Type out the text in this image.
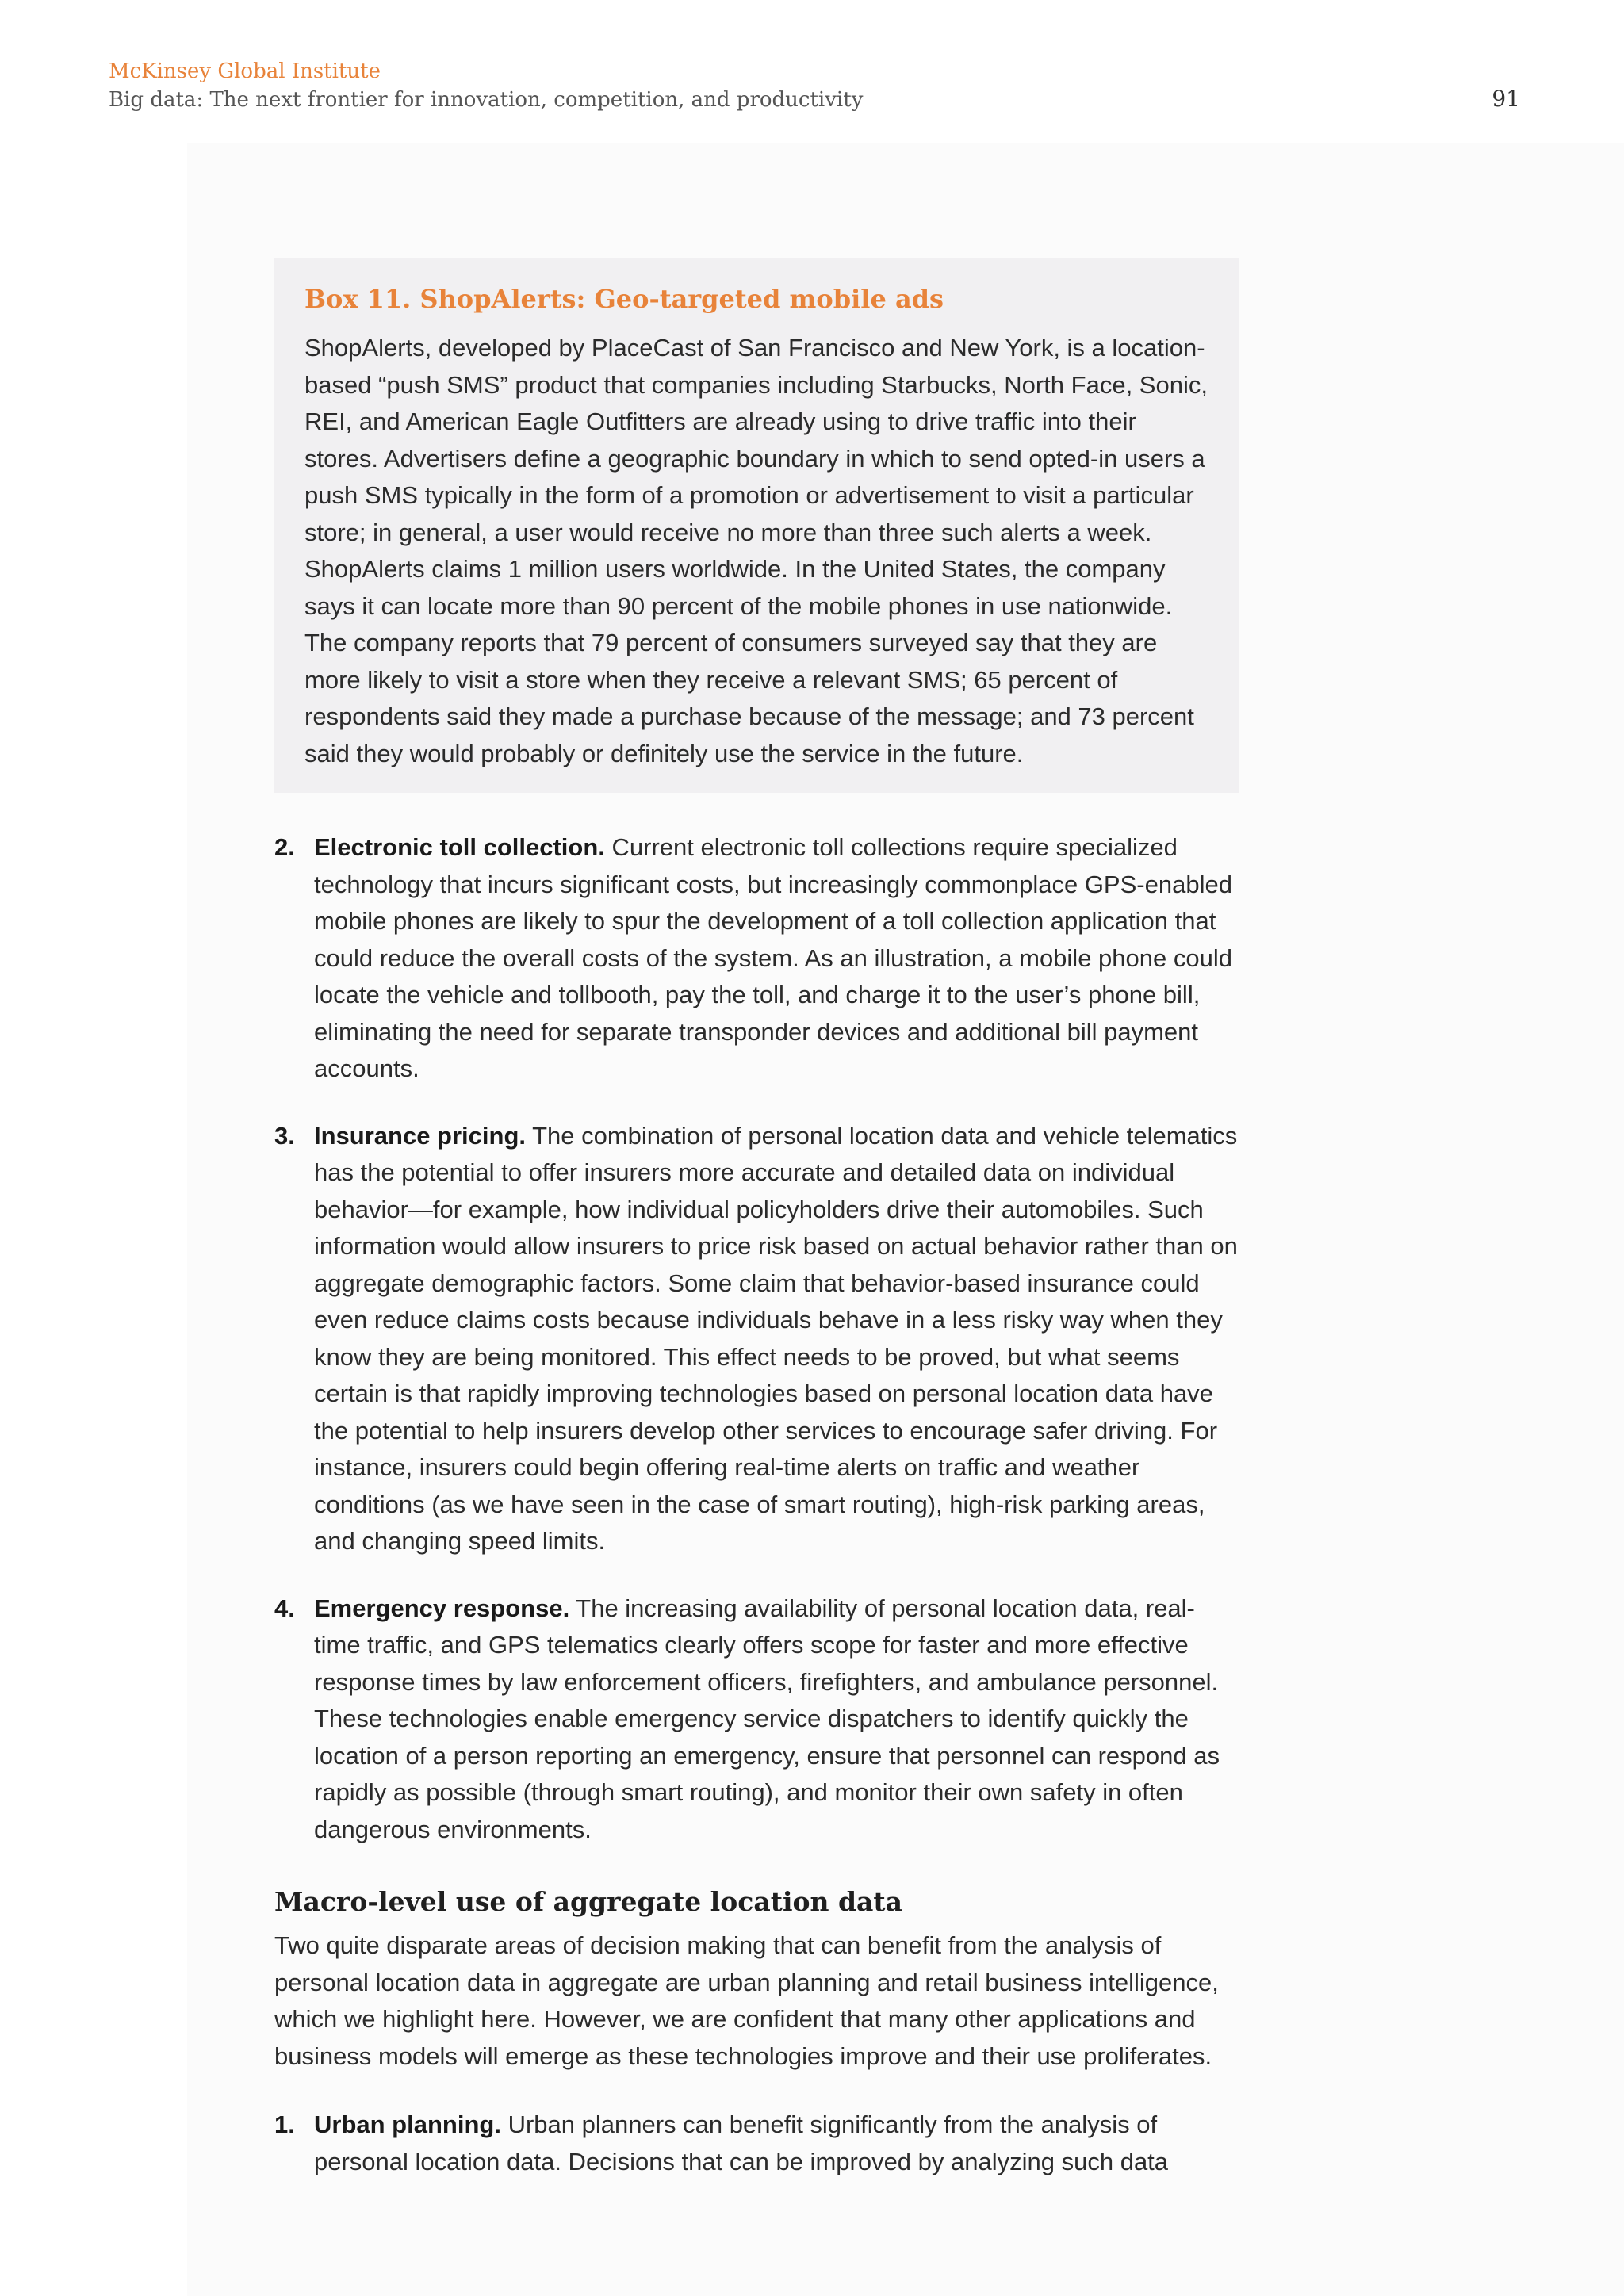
McKinsey Global Institute
Big data: The next frontier for innovation, competition, and productivity	91
Box 11. ShopAlerts: Geo-targeted mobile ads

ShopAlerts, developed by PlaceCast of San Francisco and New York, is a location-based “push SMS” product that companies including Starbucks, North Face, Sonic, REI, and American Eagle Outfitters are already using to drive traffic into their stores. Advertisers define a geographic boundary in which to send opted-in users a push SMS typically in the form of a promotion or advertisement to visit a particular store; in general, a user would receive no more than three such alerts a week. ShopAlerts claims 1 million users worldwide. In the United States, the company says it can locate more than 90 percent of the mobile phones in use nationwide. The company reports that 79 percent of consumers surveyed say that they are more likely to visit a store when they receive a relevant SMS; 65 percent of respondents said they made a purchase because of the message; and 73 percent said they would probably or definitely use the service in the future.

2. Electronic toll collection. Current electronic toll collections require specialized technology that incurs significant costs, but increasingly commonplace GPS-enabled mobile phones are likely to spur the development of a toll collection application that could reduce the overall costs of the system. As an illustration, a mobile phone could locate the vehicle and tollbooth, pay the toll, and charge it to the user’s phone bill, eliminating the need for separate transponder devices and additional bill payment accounts.
3. Insurance pricing. The combination of personal location data and vehicle telematics has the potential to offer insurers more accurate and detailed data on individual behavior—for example, how individual policyholders drive their automobiles. Such information would allow insurers to price risk based on actual behavior rather than on aggregate demographic factors. Some claim that behavior-based insurance could even reduce claims costs because individuals behave in a less risky way when they know they are being monitored. This effect needs to be proved, but what seems certain is that rapidly improving technologies based on personal location data have the potential to help insurers develop other services to encourage safer driving. For instance, insurers could begin offering real-time alerts on traffic and weather conditions (as we have seen in the case of smart routing), high-risk parking areas, and changing speed limits.
4. Emergency response. The increasing availability of personal location data, real-time traffic, and GPS telematics clearly offers scope for faster and more effective response times by law enforcement officers, firefighters, and ambulance personnel. These technologies enable emergency service dispatchers to identify quickly the location of a person reporting an emergency, ensure that personnel can respond as rapidly as possible (through smart routing), and monitor their own safety in often dangerous environments.
Macro-level use of aggregate location data

Two quite disparate areas of decision making that can benefit from the analysis of personal location data in aggregate are urban planning and retail business intelligence, which we highlight here. However, we are confident that many other applications and business models will emerge as these technologies improve and their use proliferates.

1. Urban planning. Urban planners can benefit significantly from the analysis of personal location data. Decisions that can be improved by analyzing such data
